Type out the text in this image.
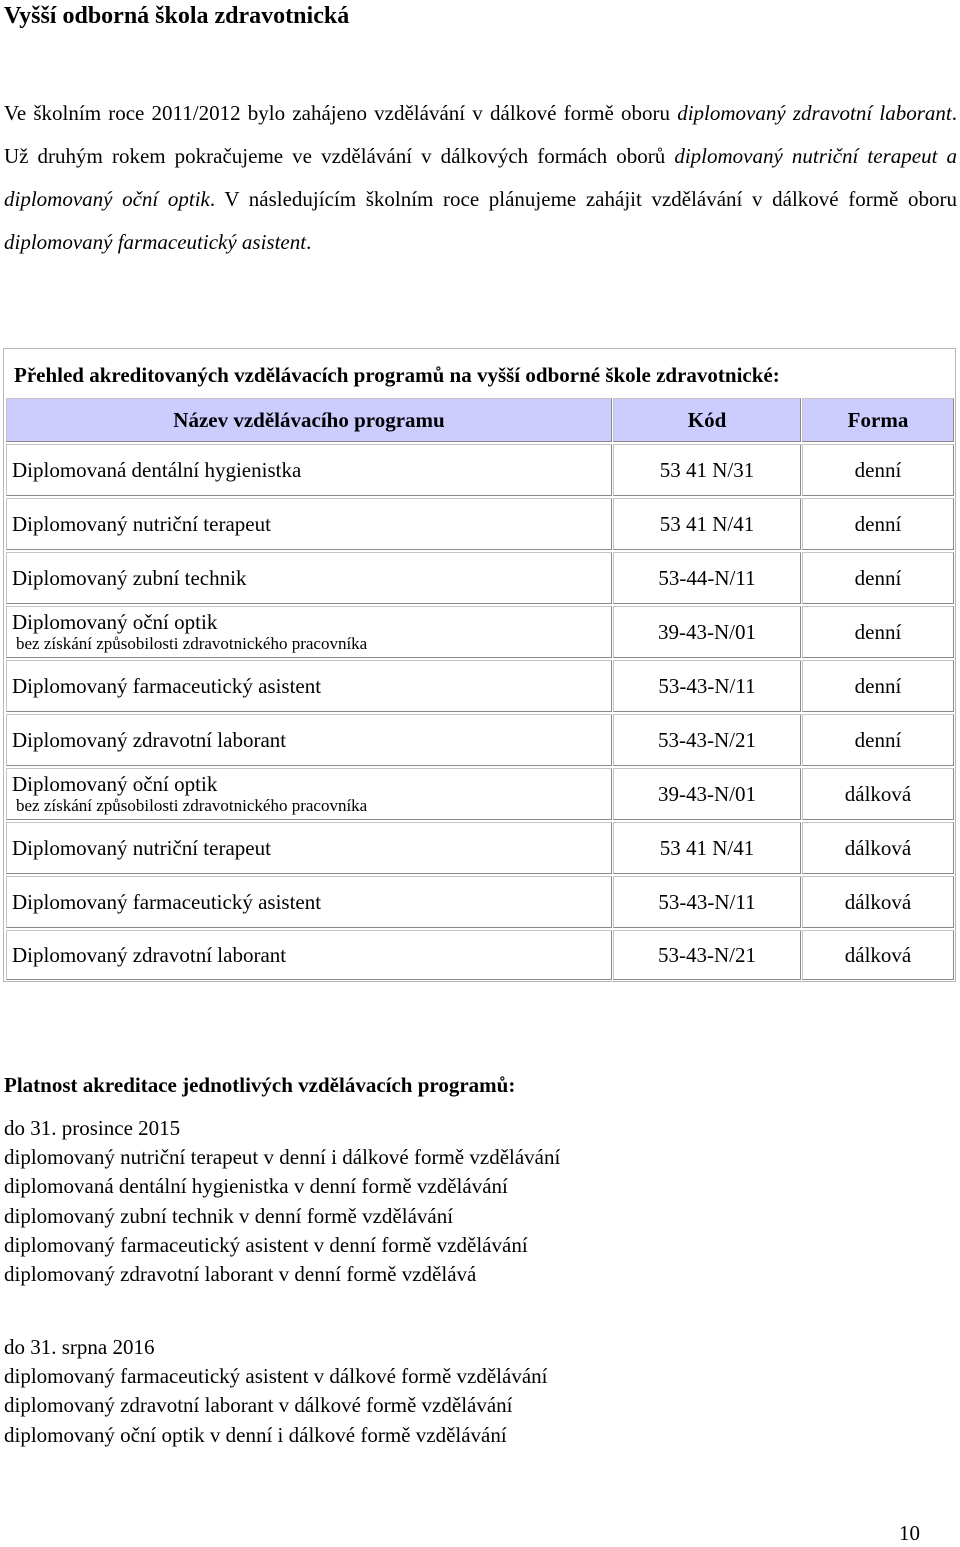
Vyšší odborná škola zdravotnická

Ve školním roce 2011/2012 bylo zahájeno vzdělávání v dálkové formě oboru diplomovaný zdravotní laborant. Už druhým rokem pokračujeme ve vzdělávání v dálkových formách oborů diplomovaný nutriční terapeut a diplomovaný oční optik. V následujícím školním roce plánujeme zahájit vzdělávání v dálkové formě oboru diplomovaný farmaceutický asistent.

Přehled akreditovaných vzdělávacích programů na vyšší odborné škole zdravotnické:
Název vzdělávacího programu	Kód	Forma
Diplomovaná dentální hygienistka	53 41 N/31	denní
Diplomovaný nutriční terapeut	53 41 N/41	denní
Diplomovaný zubní technik	53-44-N/11	denní
Diplomovaný oční optik
bez získání způsobilosti zdravotnického pracovníka	39-43-N/01	denní
Diplomovaný farmaceutický asistent	53-43-N/11	denní
Diplomovaný zdravotní laborant	53-43-N/21	denní
Diplomovaný oční optik
bez získání způsobilosti zdravotnického pracovníka	39-43-N/01	dálková
Diplomovaný nutriční terapeut	53 41 N/41	dálková
Diplomovaný farmaceutický asistent	53-43-N/11	dálková
Diplomovaný zdravotní laborant	53-43-N/21	dálková
Platnost akreditace jednotlivých vzdělávacích programů:
do 31. prosince 2015
diplomovaný nutriční terapeut v denní i dálkové formě vzdělávání
diplomovaná dentální hygienistka v denní formě vzdělávání
diplomovaný zubní technik v denní formě vzdělávání
diplomovaný farmaceutický asistent v denní formě vzdělávání
diplomovaný zdravotní laborant v denní formě vzdělává
do 31. srpna 2016
diplomovaný farmaceutický asistent v dálkové formě vzdělávání
diplomovaný zdravotní laborant v dálkové formě vzdělávání
diplomovaný oční optik v denní i dálkové formě vzdělávání
10
